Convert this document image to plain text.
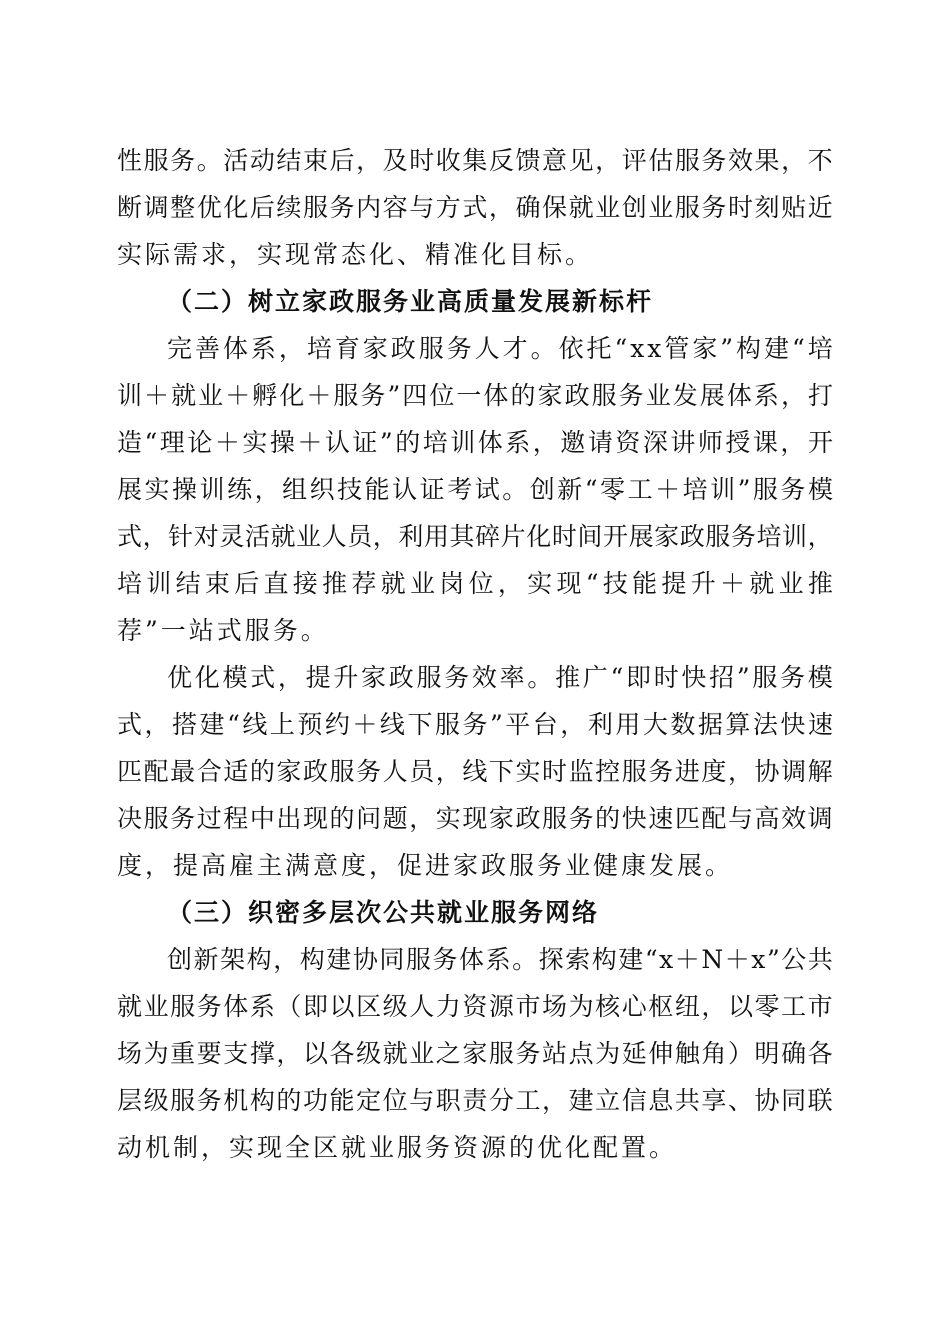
性 服 务 。 活 动 结 束 后 ， 及 时 收 集 反 馈 意 见 ， 评 估 服 务 效 果 ， 不
断 调 整 优 化 后 续 服 务 内 容 与 方 式 ， 确 保 就 业 创 业 服 务 时 刻 贴 近
实际需求，实现常态化、精准化目标。
（二）树立家政服务业高质量发展新标杆
完 善 体 系 ， 培 育 家 政 服 务 人 才 。 依 托 “ x x 管 家 ” 构 建 “ 培
训 ＋ 就 业 ＋ 孵 化 ＋ 服 务 ” 四 位 一 体 的 家 政 服 务 业 发 展 体 系 ， 打
造 “ 理 论 ＋ 实 操 ＋ 认 证 ” 的 培 训 体 系 ， 邀 请 资 深 讲 师 授 课 ， 开
展 实 操 训 练 ， 组 织 技 能 认 证 考 试 。 创 新 “ 零 工 ＋ 培 训 ” 服 务 模
式 ， 针 对 灵 活 就 业 人 员 ， 利 用 其 碎 片 化 时 间 开 展 家 政 服 务 培 训 ，
培 训 结 束 后 直 接 推 荐 就 业 岗 位 ， 实 现 “ 技 能 提 升 ＋ 就 业 推
荐”一站式服务。
优 化 模 式 ， 提 升 家 政 服 务 效 率 。 推 广 “ 即 时 快 招 ” 服 务 模
式 ， 搭 建 “ 线 上 预 约 ＋ 线 下 服 务 ” 平 台 ， 利 用 大 数 据 算 法 快 速
匹 配 最 合 适 的 家 政 服 务 人 员 ， 线 下 实 时 监 控 服 务 进 度 ， 协 调 解
决 服 务 过 程 中 出 现 的 问 题 ， 实 现 家 政 服 务 的 快 速 匹 配 与 高 效 调
度，提高雇主满意度，促进家政服务业健康发展。
（三）织密多层次公共就业服务网络
创 新 架 构 ， 构 建 协 同 服 务 体 系 。 探 索 构 建 “ x ＋ N ＋ x ” 公 共
就 业 服 务 体 系 （ 即 以 区 级 人 力 资 源 市 场 为 核 心 枢 纽 ， 以 零 工 市
场 为 重 要 支 撑 ， 以 各 级 就 业 之 家 服 务 站 点 为 延 伸 触 角 ） 明 确 各
层 级 服 务 机 构 的 功 能 定 位 与 职 责 分 工 ， 建 立 信 息 共 享 、 协 同 联
动机制，实现全区就业服务资源的优化配置。
